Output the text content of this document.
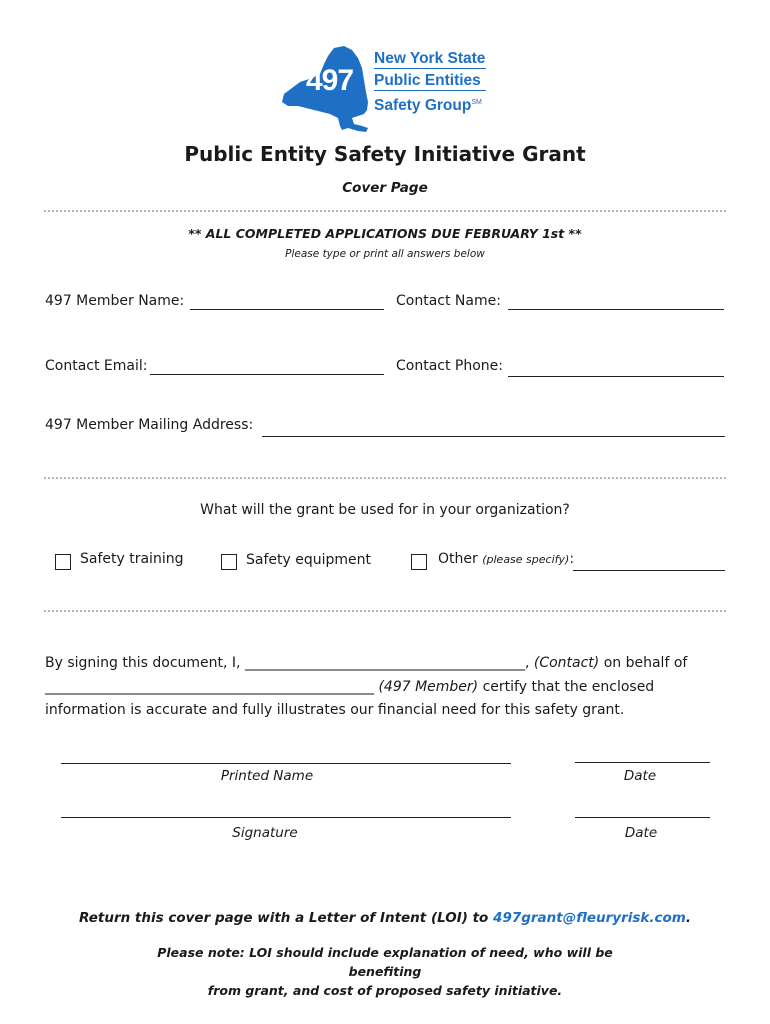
497
New York State
Public Entities
Safety Group℠
Public Entity Safety Initiative Grant
Cover Page
** ALL COMPLETED APPLICATIONS DUE FEBRUARY 1st **
Please type or print all answers below
497 Member Name:	Contact Name:
Contact Email:	Contact Phone:
497 Member Mailing Address:
What will the grant be used for in your organization?
Safety training	Safety equipment	Other (please specify):
By signing this document, I, ________________________________________, (Contact) on behalf of _______________________________________________ (497 Member) certify that the enclosed information is accurate and fully illustrates our financial need for this safety grant.
Printed Name	Date
Signature	Date
Return this cover page with a Letter of Intent (LOI) to 497grant@fleuryrisk.com.
Please note: LOI should include explanation of need, who will be benefiting
from grant, and cost of proposed safety initiative.
